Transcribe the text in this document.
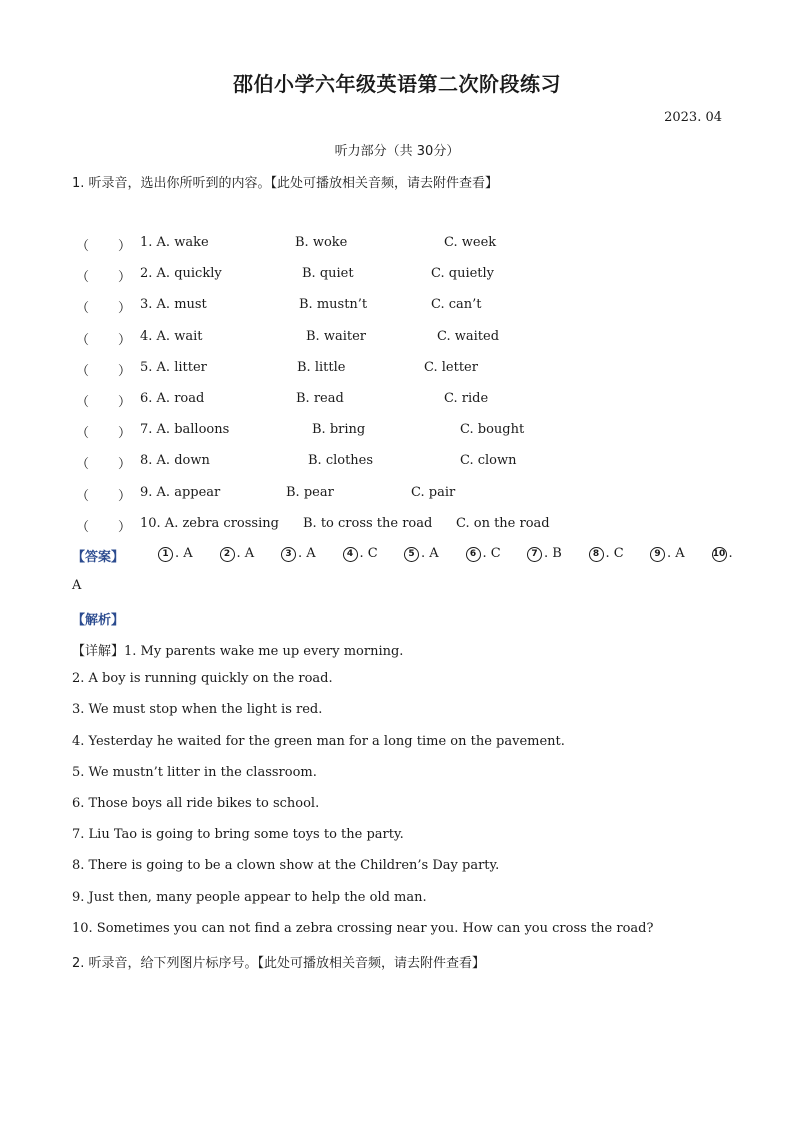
邵伯小学六年级英语第二次阶段练习
2023. 04
听力部分（共 30分）
1. 听录音，选出你所听到的内容。【此处可播放相关音频，请去附件查看】
（ ） 1. A. wake	B. woke	C. week
（ ） 2. A. quickly	B. quiet	C. quietly
（ ） 3. A. must	B. mustn’t	C. can’t
（ ） 4. A. wait	B. waiter	C. waited
（ ） 5. A. litter	B. little	C. letter
（ ） 6. A. road	B. read	C. ride
（ ） 7. A. balloons	B. bring	C. bought
（ ） 8. A. down	B. clothes	C. clown
（ ） 9. A. appear	B. pear	C. pair
（ ） 10. A. zebra crossing B. to cross the road C. on the road
【答案】	1 . A	2 . A	3 . A	4 . C	5 . A	6 . C	7 . B	8 . C	9 . A	10 .
A
【解析】
【详解】1. My parents wake me up every morning.
2. A boy is running quickly on the road.
3. We must stop when the light is red.
4. Yesterday he waited for the green man for a long time on the pavement.
5. We mustn’t litter in the classroom.
6. Those boys all ride bikes to school.
7. Liu Tao is going to bring some toys to the party.
8. There is going to be a clown show at the Children’s Day party.
9. Just then, many people appear to help the old man.
10. Sometimes you can not find a zebra crossing near you. How can you cross the road?
2. 听录音，给下列图片标序号。【此处可播放相关音频，请去附件查看】
